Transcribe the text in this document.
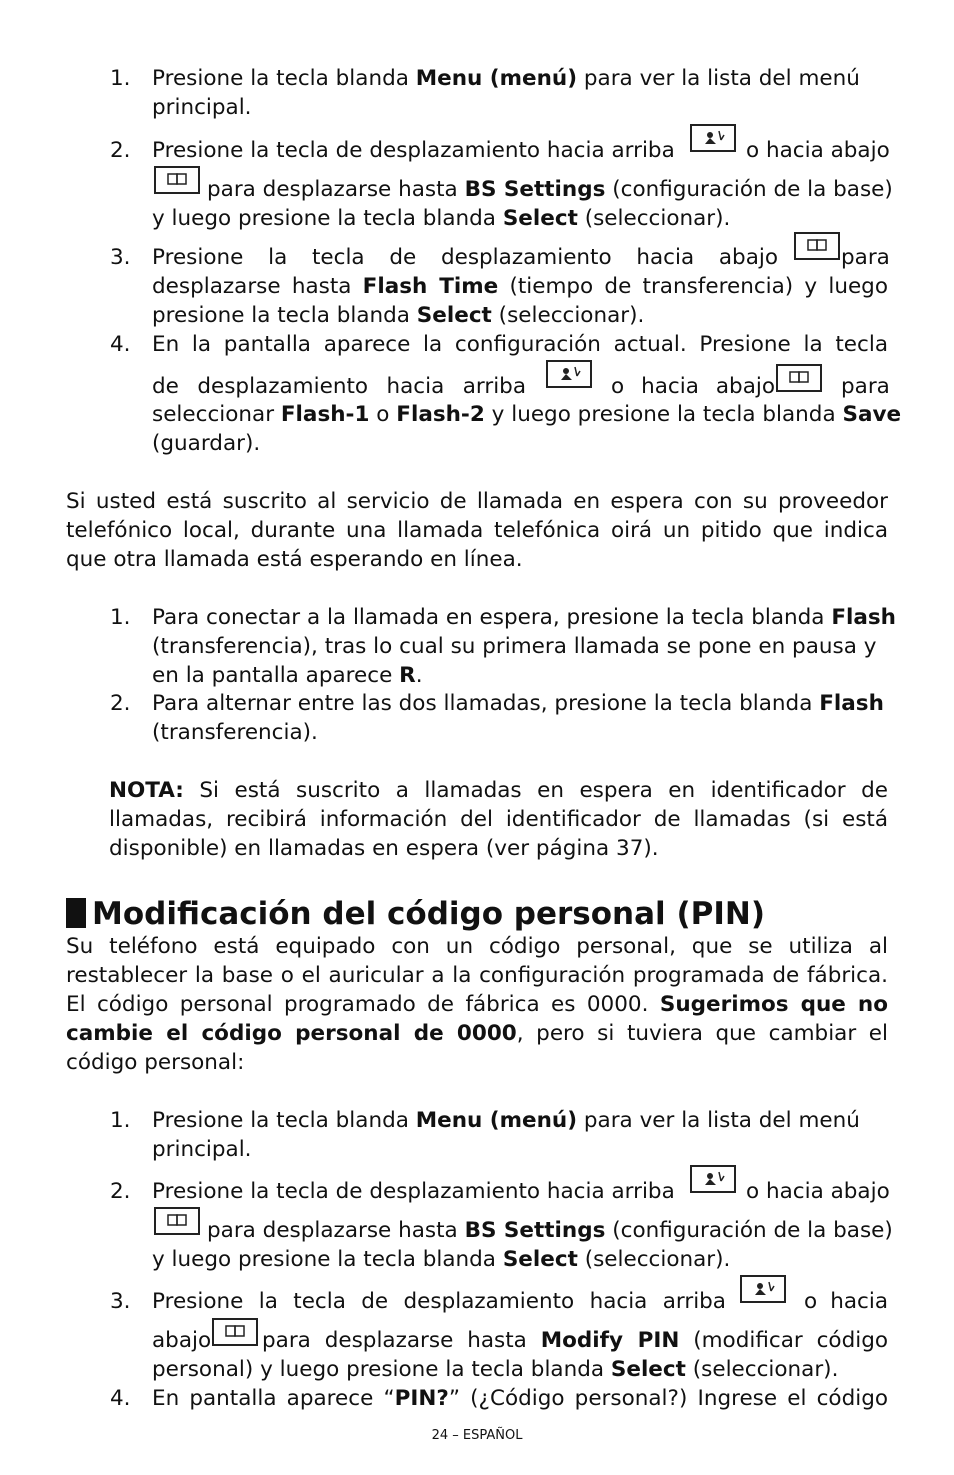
1. Presione la tecla blanda Menu (menú) para ver la lista del menú
principal.
2. Presione la tecla de desplazamiento hacia arriba	o hacia abajo
para desplazarse hasta BS Settings (configuración de la base)
y luego presione la tecla blanda Select (seleccionar).
3. Presione la tecla de desplazamiento hacia abajo	para
desplazarse hasta Flash Time (tiempo de transferencia) y luego
presione la tecla blanda Select (seleccionar).
4. En la pantalla aparece la configuración actual. Presione la tecla
de desplazamiento hacia arriba	o hacia abajo	para
seleccionar Flash-1 o Flash-2 y luego presione la tecla blanda Save
(guardar).
Si usted está suscrito al servicio de llamada en espera con su proveedor telefónico local, durante una llamada telefónica oirá un pitido que indica que otra llamada está esperando en línea.
1. Para conectar a la llamada en espera, presione la tecla blanda Flash
(transferencia), tras lo cual su primera llamada se pone en pausa y
en la pantalla aparece R.
2. Para alternar entre las dos llamadas, presione la tecla blanda Flash
(transferencia).
NOTA: Si está suscrito a llamadas en espera en identificador de llamadas, recibirá información del identificador de llamadas (si está disponible) en llamadas en espera (ver página 37).
Modificación del código personal (PIN)
Su teléfono está equipado con un código personal, que se utiliza al restablecer la base o el auricular a la configuración programada de fábrica. El código personal programado de fábrica es 0000. Sugerimos que no cambie el código personal de 0000, pero si tuviera que cambiar el código personal:
1. Presione la tecla blanda Menu (menú) para ver la lista del menú
principal.
2. Presione la tecla de desplazamiento hacia arriba	o hacia abajo
para desplazarse hasta BS Settings (configuración de la base)
y luego presione la tecla blanda Select (seleccionar).
3. Presione la tecla de desplazamiento hacia arriba	o hacia
abajo para desplazarse hasta Modify PIN (modificar código
personal) y luego presione la tecla blanda Select (seleccionar).
4. En pantalla aparece “PIN?” (¿Código personal?) Ingrese el código
24 – ESPAÑOL
